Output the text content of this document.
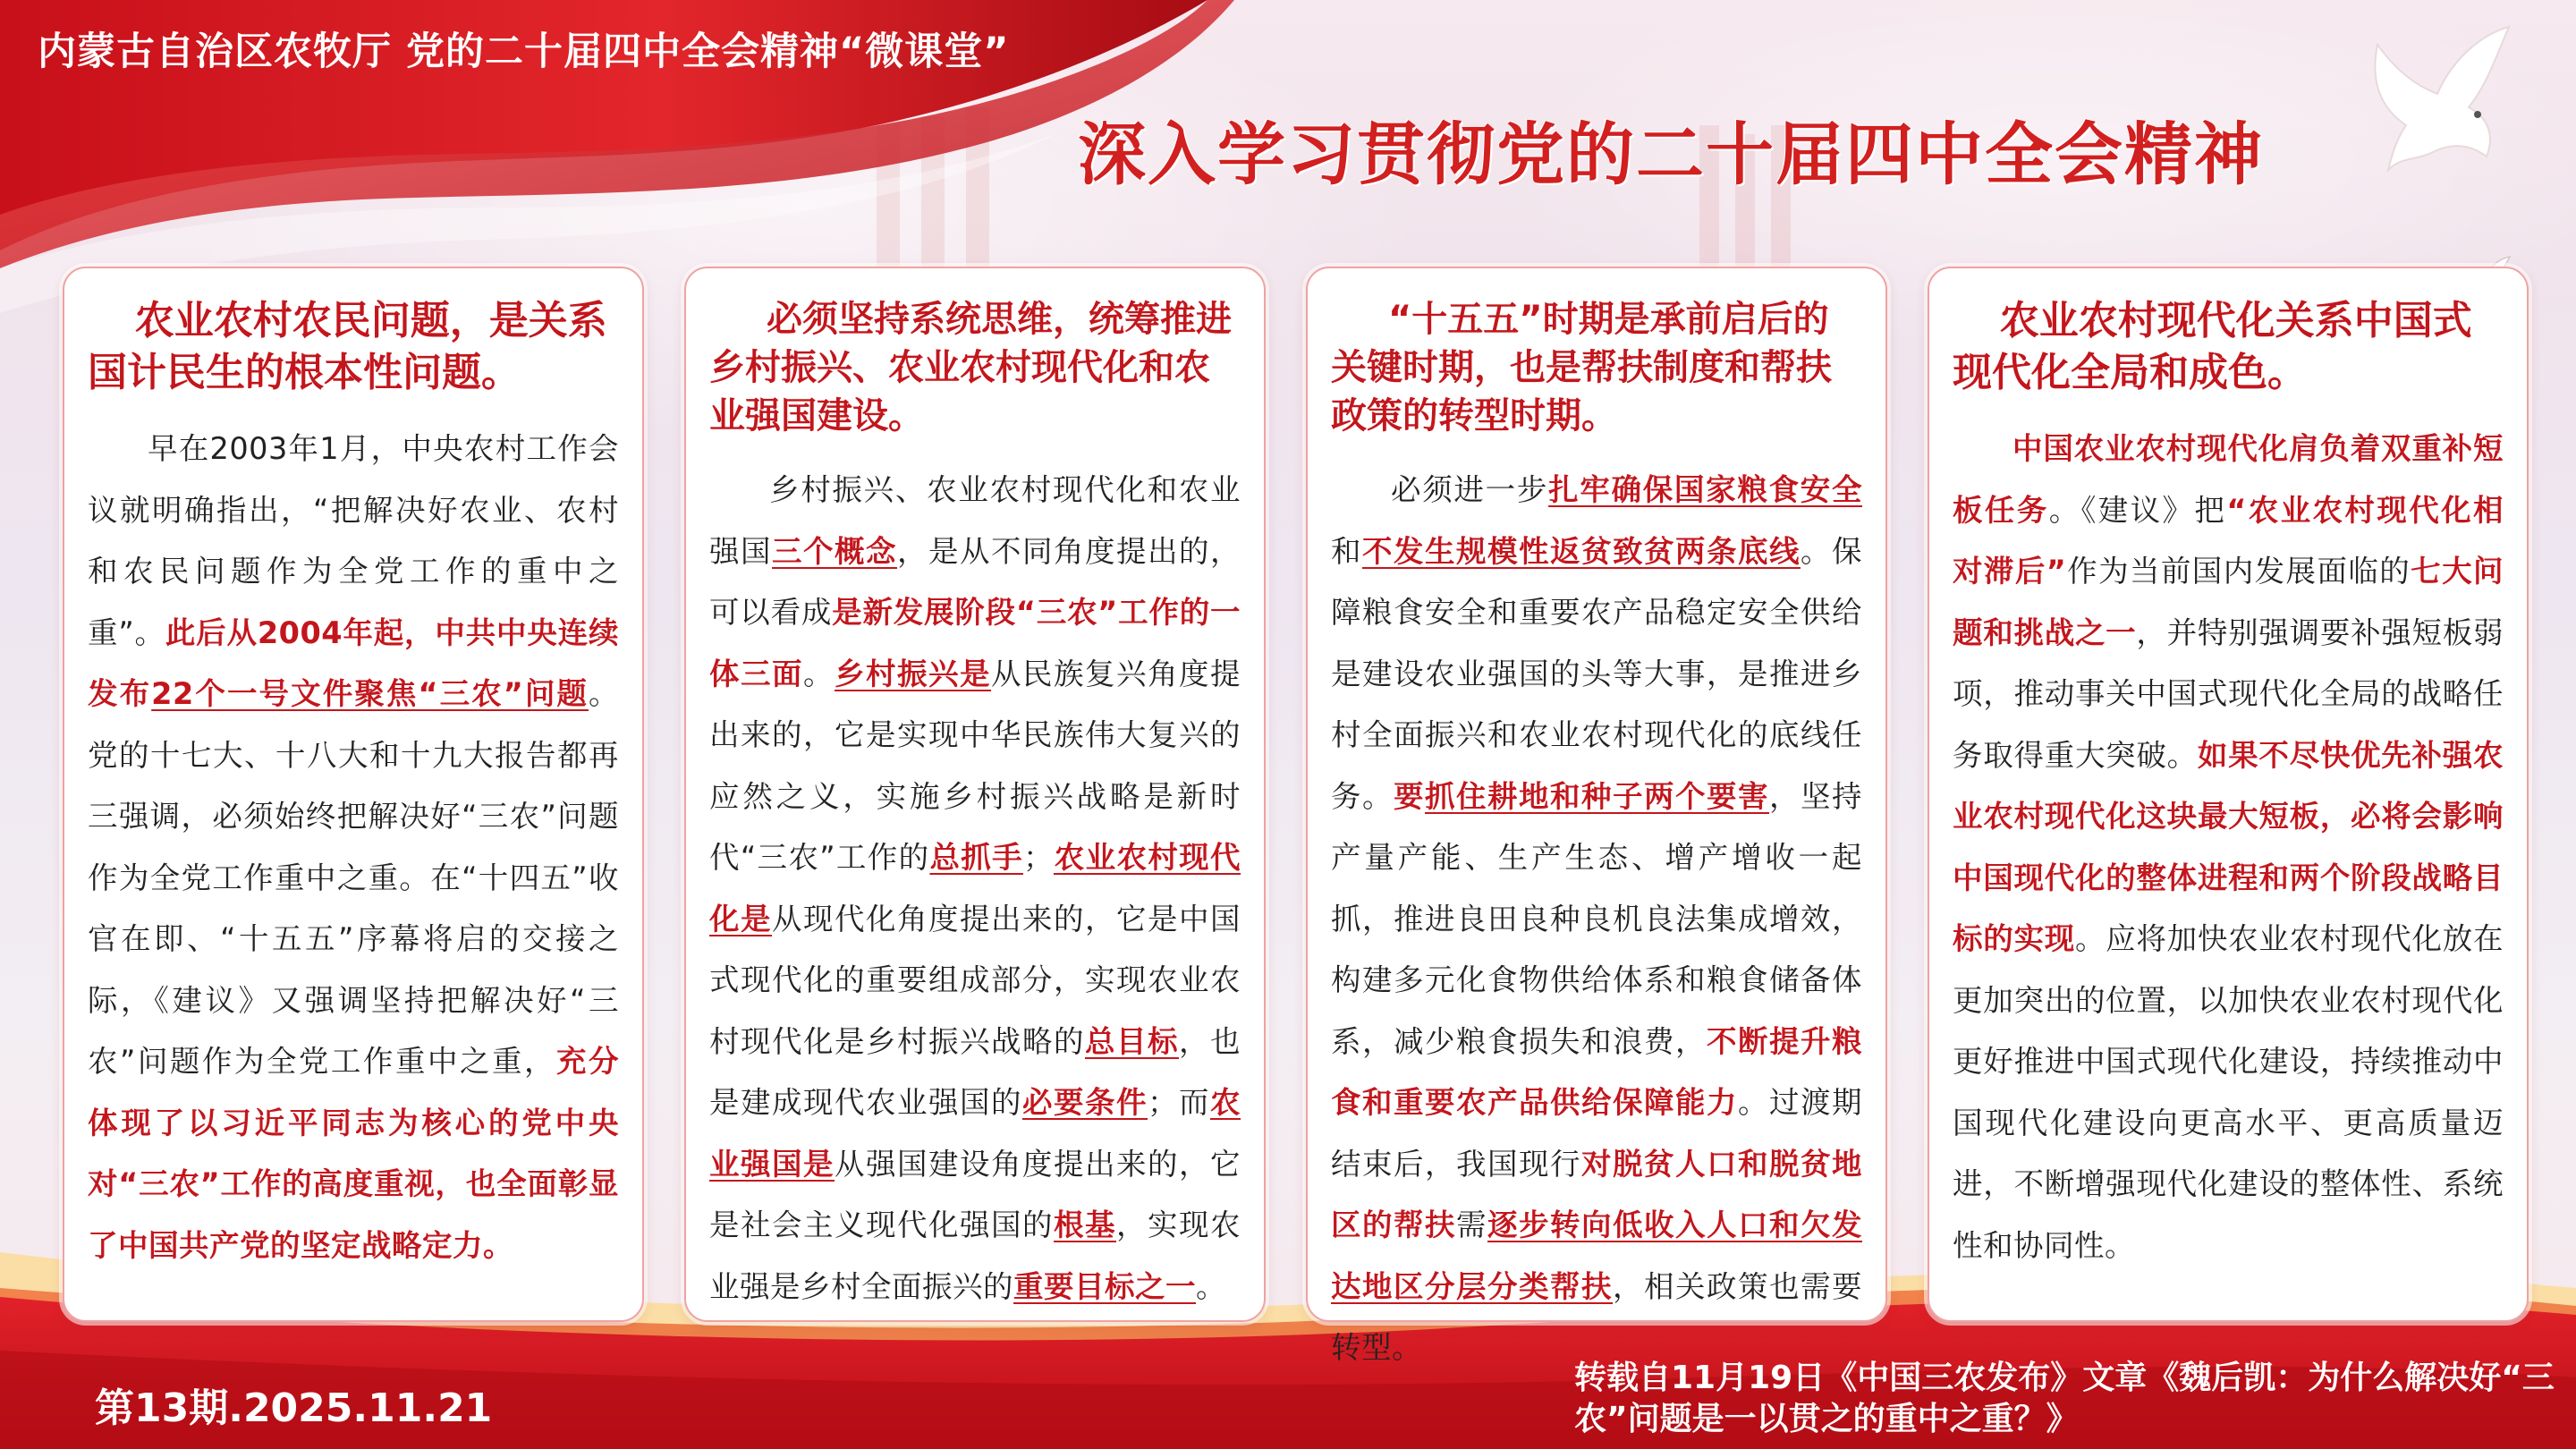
内蒙古自治区农牧厅 党的二十届四中全会精神“微课堂”
深入学习贯彻党的二十届四中全会精神
农业农村农民问题，是关系国计民生的根本性问题。
早在2003年1月，中央农村工作会议就明确指出，“把解决好农业、农村和农民问题作为全党工作的重中之重”。此后从2004年起，中共中央连续发布22个一号文件聚焦“三农”问题。党的十七大、十八大和十九大报告都再三强调，必须始终把解决好“三农”问题作为全党工作重中之重。在“十四五”收官在即、“十五五”序幕将启的交接之际，《建议》又强调坚持把解决好“三农”问题作为全党工作重中之重，充分体现了以习近平同志为核心的党中央对“三农”工作的高度重视，也全面彰显了中国共产党的坚定战略定力。
必须坚持系统思维，统筹推进乡村振兴、农业农村现代化和农业强国建设。
乡村振兴、农业农村现代化和农业强国三个概念，是从不同角度提出的，可以看成是新发展阶段“三农”工作的一体三面。乡村振兴是从民族复兴角度提出来的，它是实现中华民族伟大复兴的应然之义，实施乡村振兴战略是新时代“三农”工作的总抓手；农业农村现代化是从现代化角度提出来的，它是中国式现代化的重要组成部分，实现农业农村现代化是乡村振兴战略的总目标，也是建成现代农业强国的必要条件；而农业强国是从强国建设角度提出来的，它是社会主义现代化强国的根基，实现农业强是乡村全面振兴的重要目标之一。
“十五五”时期是承前启后的关键时期，也是帮扶制度和帮扶政策的转型时期。
必须进一步扎牢确保国家粮食安全和不发生规模性返贫致贫两条底线。保障粮食安全和重要农产品稳定安全供给是建设农业强国的头等大事，是推进乡村全面振兴和农业农村现代化的底线任务。要抓住耕地和种子两个要害，坚持产量产能、生产生态、增产增收一起抓，推进良田良种良机良法集成增效，构建多元化食物供给体系和粮食储备体系，减少粮食损失和浪费，不断提升粮食和重要农产品供给保障能力。过渡期结束后，我国现行对脱贫人口和脱贫地区的帮扶需逐步转向低收入人口和欠发达地区分层分类帮扶，相关政策也需要转型。
农业农村现代化关系中国式现代化全局和成色。
中国农业农村现代化肩负着双重补短板任务。《建议》把“农业农村现代化相对滞后”作为当前国内发展面临的七大问题和挑战之一，并特别强调要补强短板弱项，推动事关中国式现代化全局的战略任务取得重大突破。如果不尽快优先补强农业农村现代化这块最大短板，必将会影响中国现代化的整体进程和两个阶段战略目标的实现。应将加快农业农村现代化放在更加突出的位置，以加快农业农村现代化更好推进中国式现代化建设，持续推动中国现代化建设向更高水平、更高质量迈进，不断增强现代化建设的整体性、系统性和协同性。
第13期.2025.11.21
转载自11月19日《中国三农发布》文章《魏后凯：为什么解决好“三农”问题是一以贯之的重中之重？》
